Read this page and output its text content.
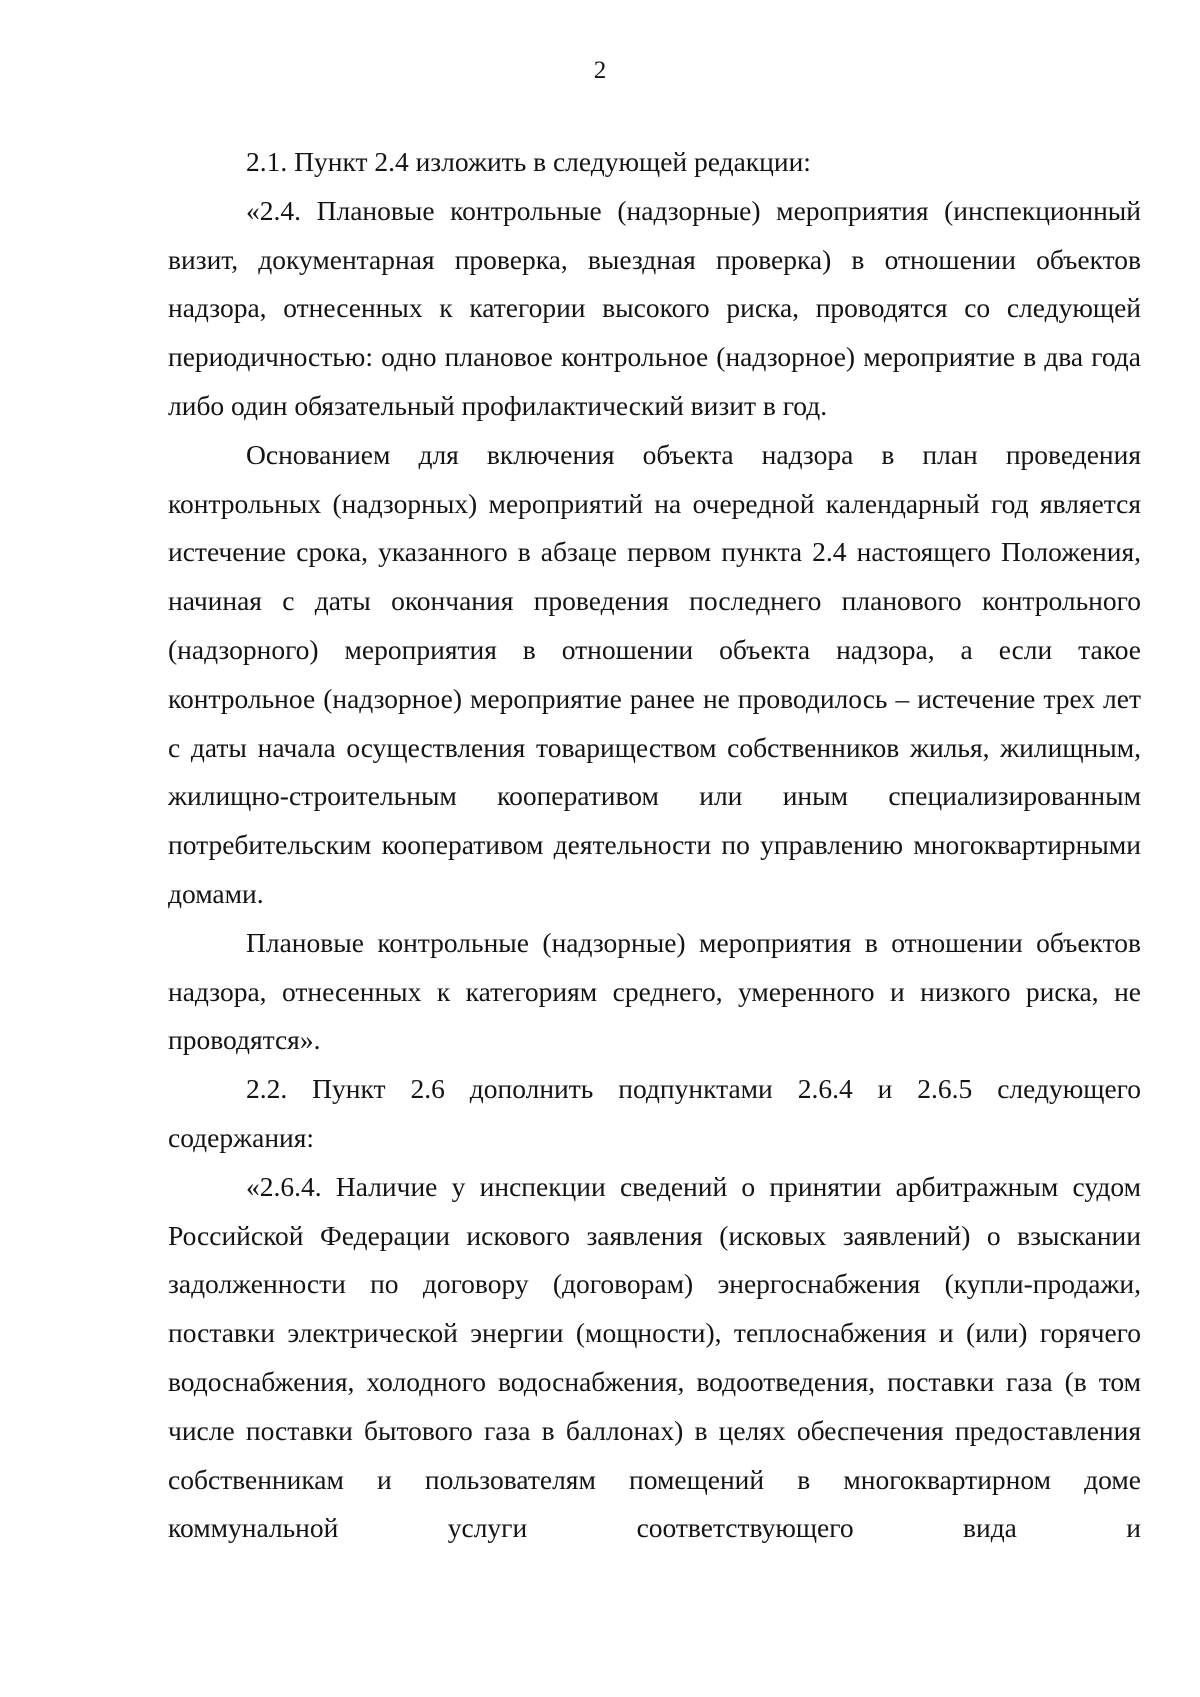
2

2.1. Пункт 2.4 изложить в следующей редакции:

«2.4. Плановые контрольные (надзорные) мероприятия (инспекционный визит, документарная проверка, выездная проверка) в отношении объектов надзора, отнесенных к категории высокого риска, проводятся со следующей периодичностью: одно плановое контрольное (надзорное) мероприятие в два года либо один обязательный профилактический визит в год.

Основанием для включения объекта надзора в план проведения контрольных (надзорных) мероприятий на очередной календарный год является истечение срока, указанного в абзаце первом пункта 2.4 настоящего Положения, начиная с даты окончания проведения последнего планового контрольного (надзорного) мероприятия в отношении объекта надзора, а если такое контрольное (надзорное) мероприятие ранее не проводилось – истечение трех лет с даты начала осуществления товариществом собственников жилья, жилищным, жилищно-строительным кооперативом или иным специализированным потребительским кооперативом деятельности по управлению многоквартирными домами.

Плановые контрольные (надзорные) мероприятия в отношении объектов надзора, отнесенных к категориям среднего, умеренного и низкого риска, не проводятся».

2.2. Пункт 2.6 дополнить подпунктами 2.6.4 и 2.6.5 следующего содержания:

«2.6.4. Наличие у инспекции сведений о принятии арбитражным судом Российской Федерации искового заявления (исковых заявлений) о взыскании задолженности по договору (договорам) энергоснабжения (купли-продажи, поставки электрической энергии (мощности), теплоснабжения и (или) горячего водоснабжения, холодного водоснабжения, водоотведения, поставки газа (в том числе поставки бытового газа в баллонах) в целях обеспечения предоставления собственникам и пользователям помещений в многоквартирном доме коммунальной услуги соответствующего вида и
